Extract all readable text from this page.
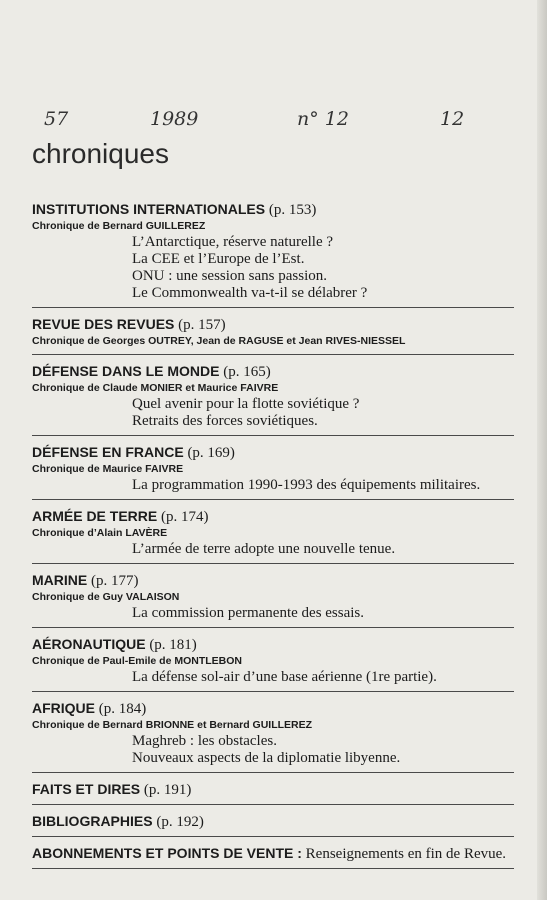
57	1989	n° 12	12
chroniques
INSTITUTIONS INTERNATIONALES (p. 153)
Chronique de Bernard GUILLEREZ
L’Antarctique, réserve naturelle ?
La CEE et l’Europe de l’Est.
ONU : une session sans passion.
Le Commonwealth va-t-il se délabrer ?
REVUE DES REVUES (p. 157)
Chronique de Georges OUTREY, Jean de RAGUSE et Jean RIVES-NIESSEL
DÉFENSE DANS LE MONDE (p. 165)
Chronique de Claude MONIER et Maurice FAIVRE
Quel avenir pour la flotte soviétique ?
Retraits des forces soviétiques.
DÉFENSE EN FRANCE (p. 169)
Chronique de Maurice FAIVRE
La programmation 1990-1993 des équipements militaires.
ARMÉE DE TERRE (p. 174)
Chronique d’Alain LAVÈRE
L’armée de terre adopte une nouvelle tenue.
MARINE (p. 177)
Chronique de Guy VALAISON
La commission permanente des essais.
AÉRONAUTIQUE (p. 181)
Chronique de Paul-Emile de MONTLEBON
La défense sol-air d’une base aérienne (1re partie).
AFRIQUE (p. 184)
Chronique de Bernard BRIONNE et Bernard GUILLEREZ
Maghreb : les obstacles.
Nouveaux aspects de la diplomatie libyenne.
FAITS ET DIRES (p. 191)
BIBLIOGRAPHIES (p. 192)
ABONNEMENTS ET POINTS DE VENTE : Renseignements en fin de Revue.
